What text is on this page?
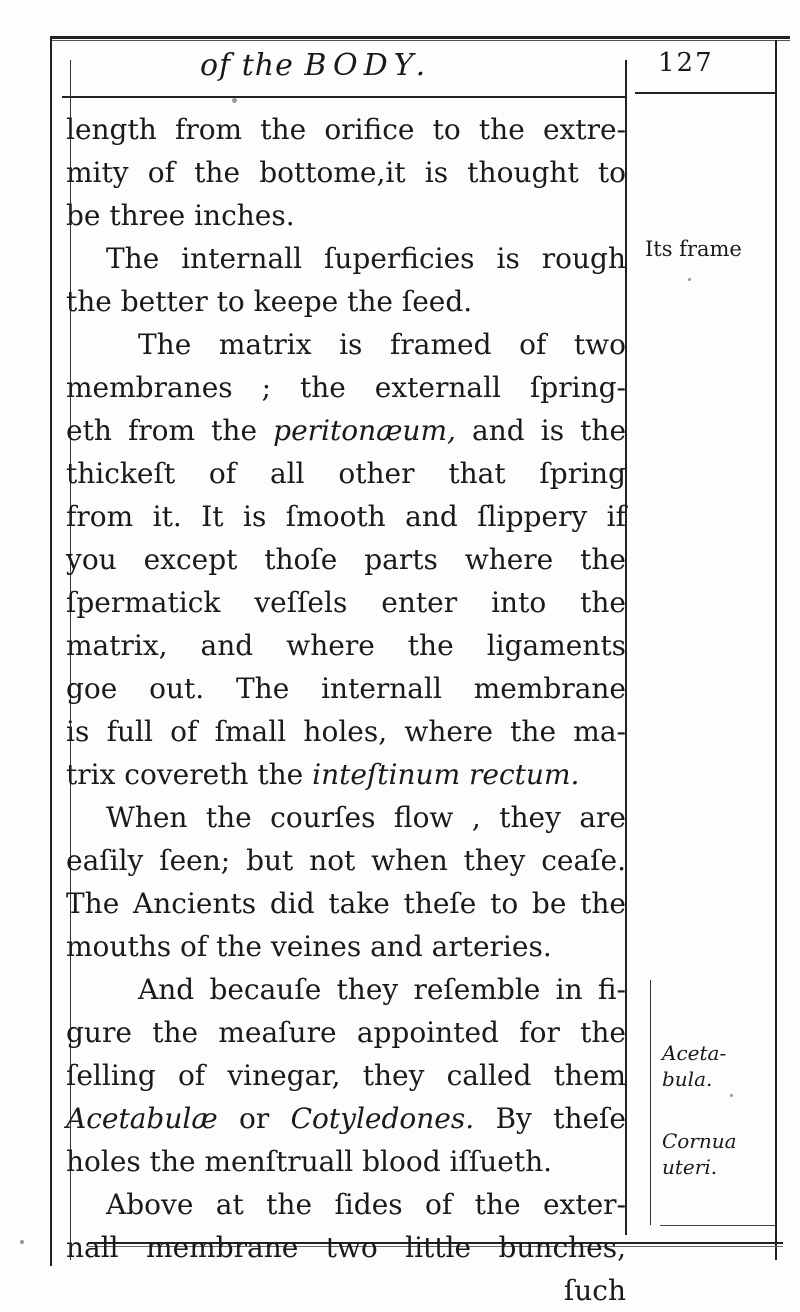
of the BODY.	127
length from the orifice to the extre-
mity of the bottome,it is thought to
be three inches.
The internall ſuperficies is rough
the better to keepe the ſeed.
The matrix is framed of two
membranes ; the externall ſpring-
eth from the peritonæum, and is the
thickeſt of all other that ſpring
from it. It is ſmooth and ſlippery if
you except thoſe parts where the
ſpermatick veſſels enter into the
matrix, and where the ligaments
goe out. The internall membrane
is full of ſmall holes, where the ma-
trix covereth the inteſtinum rectum.
When the courſes flow , they are
eaſily ſeen; but not when they ceaſe.
The Ancients did take theſe to be the
mouths of the veines and arteries.
And becauſe they reſemble in fi-
gure the meaſure appointed for the
ſelling of vinegar, they called them
Acetabulæ or Cotyledones. By theſe
holes the menſtruall blood iſſueth.
Above at the ſides of the exter-
nall membrane two little bunches,
ſuch
Its frame
Aceta-
bula.
Cornua
uteri.
